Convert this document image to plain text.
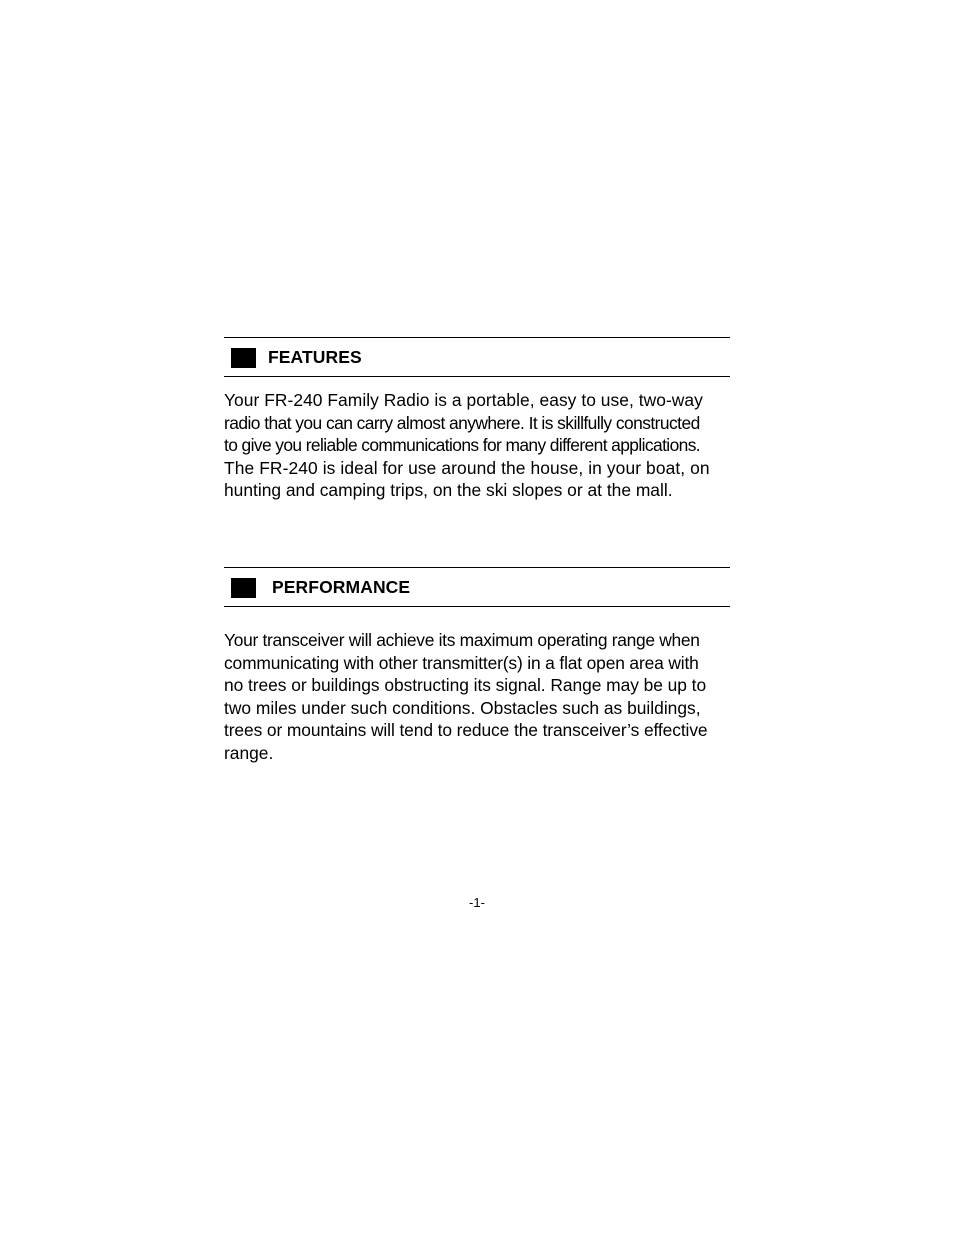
FEATURES

Your FR-240 Family Radio is a portable, easy to use, two-way
radio that you can carry almost anywhere. It is skillfully constructed
to give you reliable communications for many different applications.
The FR-240 is ideal for use around the house, in your boat, on
hunting and camping trips, on the ski slopes or at the mall.

PERFORMANCE

Your transceiver will achieve its maximum operating range when
communicating with other transmitter(s) in a flat open area with
no trees or buildings obstructing its signal. Range may be up to
two miles under such conditions. Obstacles such as buildings,
trees or mountains will tend to reduce the transceiver’s effective
range.

-1-
